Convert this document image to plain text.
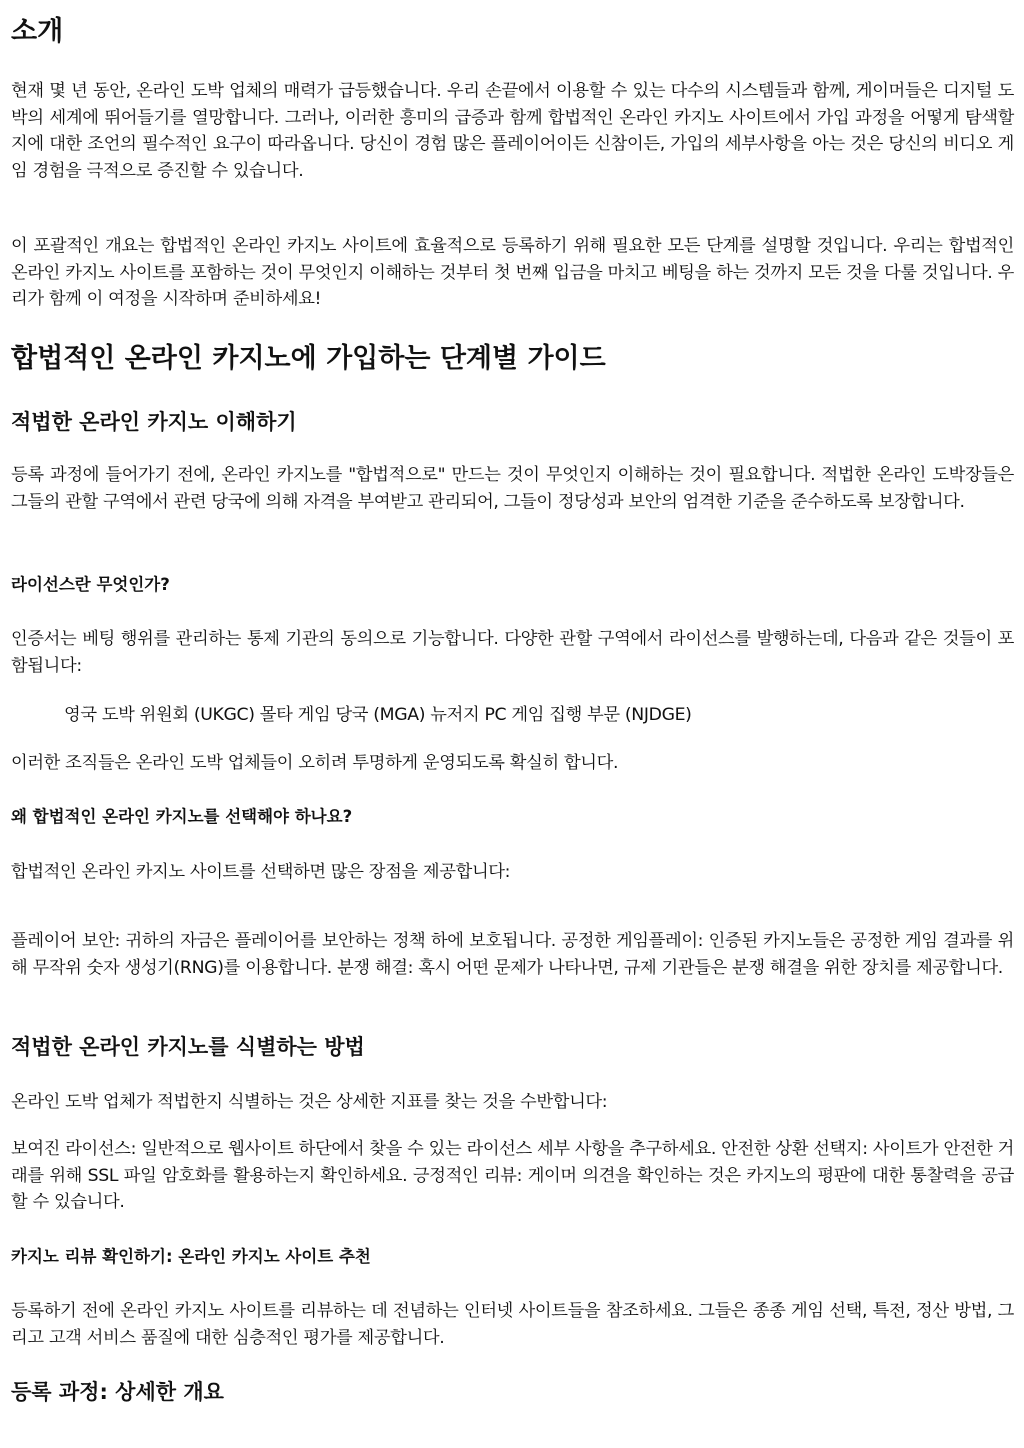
소개

현재 몇 년 동안, 온라인 도박 업체의 매력가 급등했습니다. 우리 손끝에서 이용할 수 있는 다수의 시스템들과 함께, 게이머들은 디지털 도박의 세계에 뛰어들기를 열망합니다. 그러나, 이러한 흥미의 급증과 함께 합법적인 온라인 카지노 사이트에서 가입 과정을 어떻게 탐색할지에 대한 조언의 필수적인 요구이 따라옵니다. 당신이 경험 많은 플레이어이든 신참이든, 가입의 세부사항을 아는 것은 당신의 비디오 게임 경험을 극적으로 증진할 수 있습니다.

이 포괄적인 개요는 합법적인 온라인 카지노 사이트에 효율적으로 등록하기 위해 필요한 모든 단계를 설명할 것입니다. 우리는 합법적인 온라인 카지노 사이트를 포함하는 것이 무엇인지 이해하는 것부터 첫 번째 입금을 마치고 베팅을 하는 것까지 모든 것을 다룰 것입니다. 우리가 함께 이 여정을 시작하며 준비하세요!

합법적인 온라인 카지노에 가입하는 단계별 가이드
적법한 온라인 카지노 이해하기

등록 과정에 들어가기 전에, 온라인 카지노를 "합법적으로" 만드는 것이 무엇인지 이해하는 것이 필요합니다. 적법한 온라인 도박장들은 그들의 관할 구역에서 관련 당국에 의해 자격을 부여받고 관리되어, 그들이 정당성과 보안의 엄격한 기준을 준수하도록 보장합니다.

라이선스란 무엇인가?

인증서는 베팅 행위를 관리하는 통제 기관의 동의으로 기능합니다. 다양한 관할 구역에서 라이선스를 발행하는데, 다음과 같은 것들이 포함됩니다:

영국 도박 위원회 (UKGC) 몰타 게임 당국 (MGA) 뉴저지 PC 게임 집행 부문 (NJDGE)

이러한 조직들은 온라인 도박 업체들이 오히려 투명하게 운영되도록 확실히 합니다.

왜 합법적인 온라인 카지노를 선택해야 하나요?

합법적인 온라인 카지노 사이트를 선택하면 많은 장점을 제공합니다:

플레이어 보안: 귀하의 자금은 플레이어를 보안하는 정책 하에 보호됩니다. 공정한 게임플레이: 인증된 카지노들은 공정한 게임 결과를 위해 무작위 숫자 생성기(RNG)를 이용합니다. 분쟁 해결: 혹시 어떤 문제가 나타나면, 규제 기관들은 분쟁 해결을 위한 장치를 제공합니다.

적법한 온라인 카지노를 식별하는 방법

온라인 도박 업체가 적법한지 식별하는 것은 상세한 지표를 찾는 것을 수반합니다:

보여진 라이선스: 일반적으로 웹사이트 하단에서 찾을 수 있는 라이선스 세부 사항을 추구하세요. 안전한 상환 선택지: 사이트가 안전한 거래를 위해 SSL 파일 암호화를 활용하는지 확인하세요. 긍정적인 리뷰: 게이머 의견을 확인하는 것은 카지노의 평판에 대한 통찰력을 공급할 수 있습니다.

카지노 리뷰 확인하기: 온라인 카지노 사이트 추천

등록하기 전에 온라인 카지노 사이트를 리뷰하는 데 전념하는 인터넷 사이트들을 참조하세요. 그들은 종종 게임 선택, 특전, 정산 방법, 그리고 고객 서비스 품질에 대한 심층적인 평가를 제공합니다.

등록 과정: 상세한 개요
